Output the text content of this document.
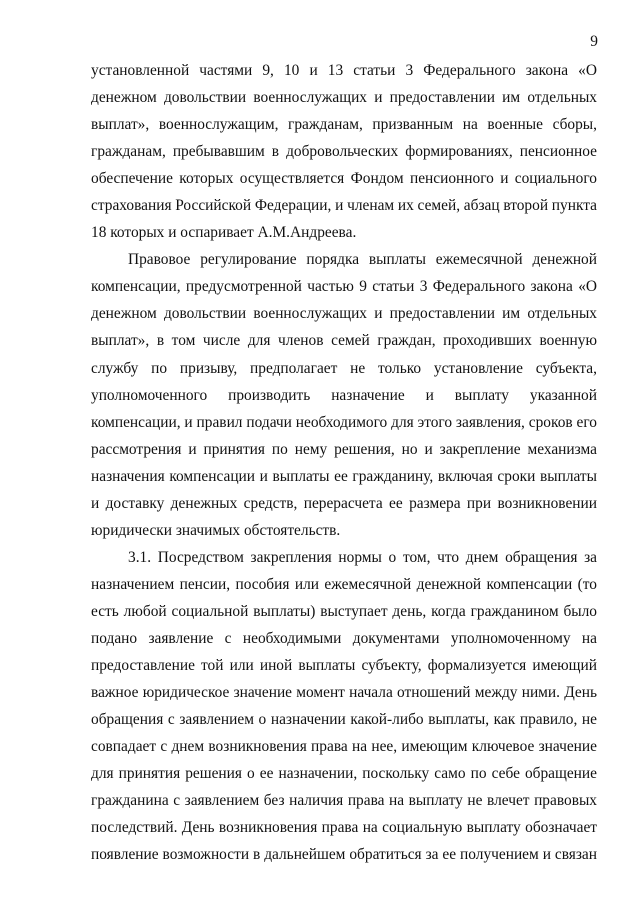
9
установленной частями 9, 10 и 13 статьи 3 Федерального закона «О
денежном довольствии военнослужащих и предоставлении им отдельных
выплат», военнослужащим, гражданам, призванным на военные сборы,
гражданам, пребывавшим в добровольческих формированиях, пенсионное
обеспечение которых осуществляется Фондом пенсионного и социального
страхования Российской Федерации, и членам их семей, абзац второй пункта
18 которых и оспаривает А.М.Андреева.
Правовое регулирование порядка выплаты ежемесячной денежной
компенсации, предусмотренной частью 9 статьи 3 Федерального закона «О
денежном довольствии военнослужащих и предоставлении им отдельных
выплат», в том числе для членов семей граждан, проходивших военную
службу по призыву, предполагает не только установление субъекта,
уполномоченного производить назначение и выплату указанной
компенсации, и правил подачи необходимого для этого заявления, сроков его
рассмотрения и принятия по нему решения, но и закрепление механизма
назначения компенсации и выплаты ее гражданину, включая сроки выплаты
и доставку денежных средств, перерасчета ее размера при возникновении
юридически значимых обстоятельств.
3.1. Посредством закрепления нормы о том, что днем обращения за
назначением пенсии, пособия или ежемесячной денежной компенсации (то
есть любой социальной выплаты) выступает день, когда гражданином было
подано заявление с необходимыми документами уполномоченному на
предоставление той или иной выплаты субъекту, формализуется имеющий
важное юридическое значение момент начала отношений между ними. День
обращения с заявлением о назначении какой-либо выплаты, как правило, не
совпадает с днем возникновения права на нее, имеющим ключевое значение
для принятия решения о ее назначении, поскольку само по себе обращение
гражданина с заявлением без наличия права на выплату не влечет правовых
последствий. День возникновения права на социальную выплату обозначает
появление возможности в дальнейшем обратиться за ее получением и связан
